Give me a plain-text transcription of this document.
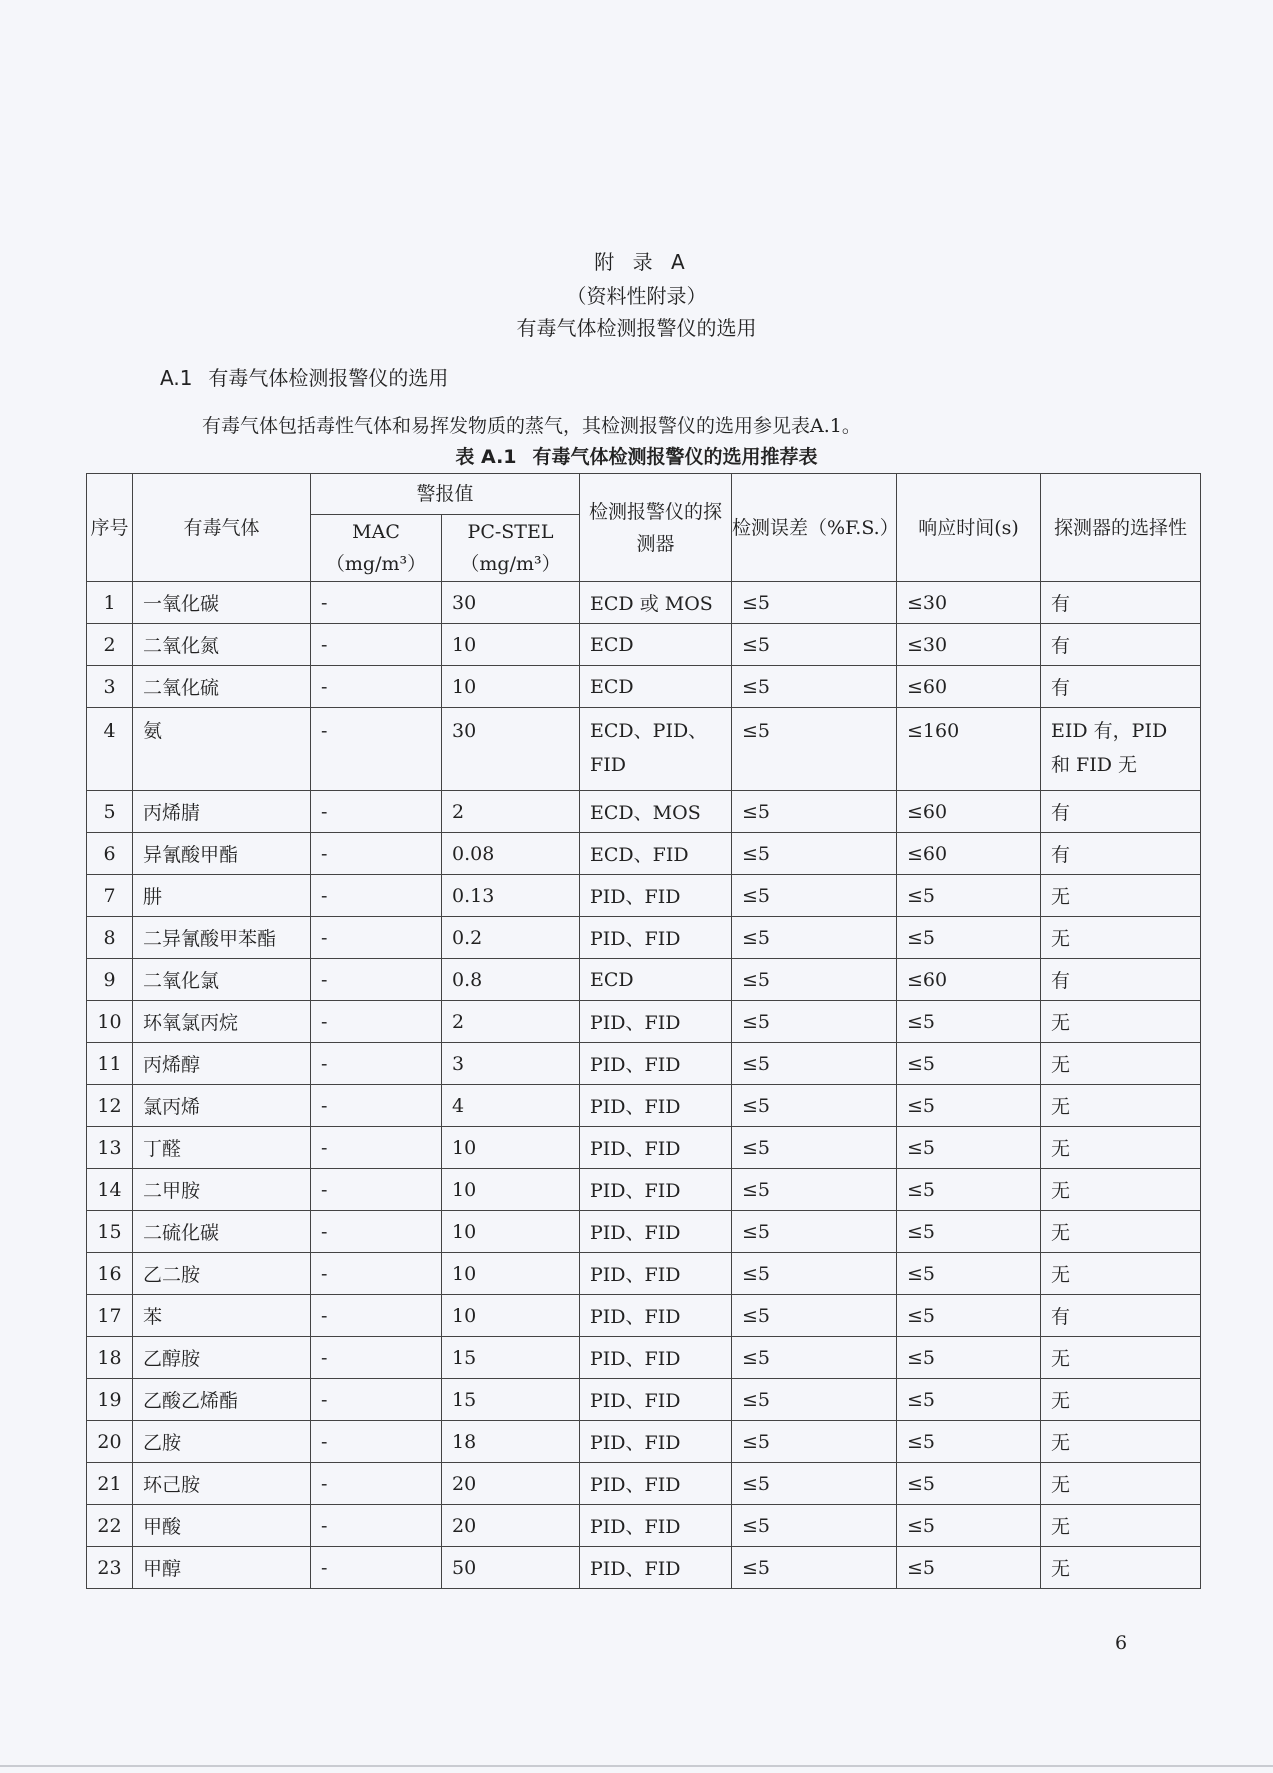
附 录 A
（资料性附录）
有毒气体检测报警仪的选用
A.1 有毒气体检测报警仪的选用
有毒气体包括毒性气体和易挥发物质的蒸气，其检测报警仪的选用参见表A.1。
表 A.1 有毒气体检测报警仪的选用推荐表
序号	有毒气体	警报值		检测报警仪的探测器	检测误差（%F.S.）	响应时间(s)	探测器的选择性
		MAC（mg/m³）	PC-STEL（mg/m³）				
1	一氧化碳	-	30	ECD 或 MOS	≤5	≤30	有
2	二氧化氮	-	10	ECD	≤5	≤30	有
3	二氧化硫	-	10	ECD	≤5	≤60	有
4	氨	-	30	ECD、PID、FID	≤5	≤160	EID 有，PID 和 FID 无
5	丙烯腈	-	2	ECD、MOS	≤5	≤60	有
6	异氰酸甲酯	-	0.08	ECD、FID	≤5	≤60	有
7	肼	-	0.13	PID、FID	≤5	≤5	无
8	二异氰酸甲苯酯	-	0.2	PID、FID	≤5	≤5	无
9	二氧化氯	-	0.8	ECD	≤5	≤60	有
10	环氧氯丙烷	-	2	PID、FID	≤5	≤5	无
11	丙烯醇	-	3	PID、FID	≤5	≤5	无
12	氯丙烯	-	4	PID、FID	≤5	≤5	无
13	丁醛	-	10	PID、FID	≤5	≤5	无
14	二甲胺	-	10	PID、FID	≤5	≤5	无
15	二硫化碳	-	10	PID、FID	≤5	≤5	无
16	乙二胺	-	10	PID、FID	≤5	≤5	无
17	苯	-	10	PID、FID	≤5	≤5	有
18	乙醇胺	-	15	PID、FID	≤5	≤5	无
19	乙酸乙烯酯	-	15	PID、FID	≤5	≤5	无
20	乙胺	-	18	PID、FID	≤5	≤5	无
21	环己胺	-	20	PID、FID	≤5	≤5	无
22	甲酸	-	20	PID、FID	≤5	≤5	无
23	甲醇	-	50	PID、FID	≤5	≤5	无
6
